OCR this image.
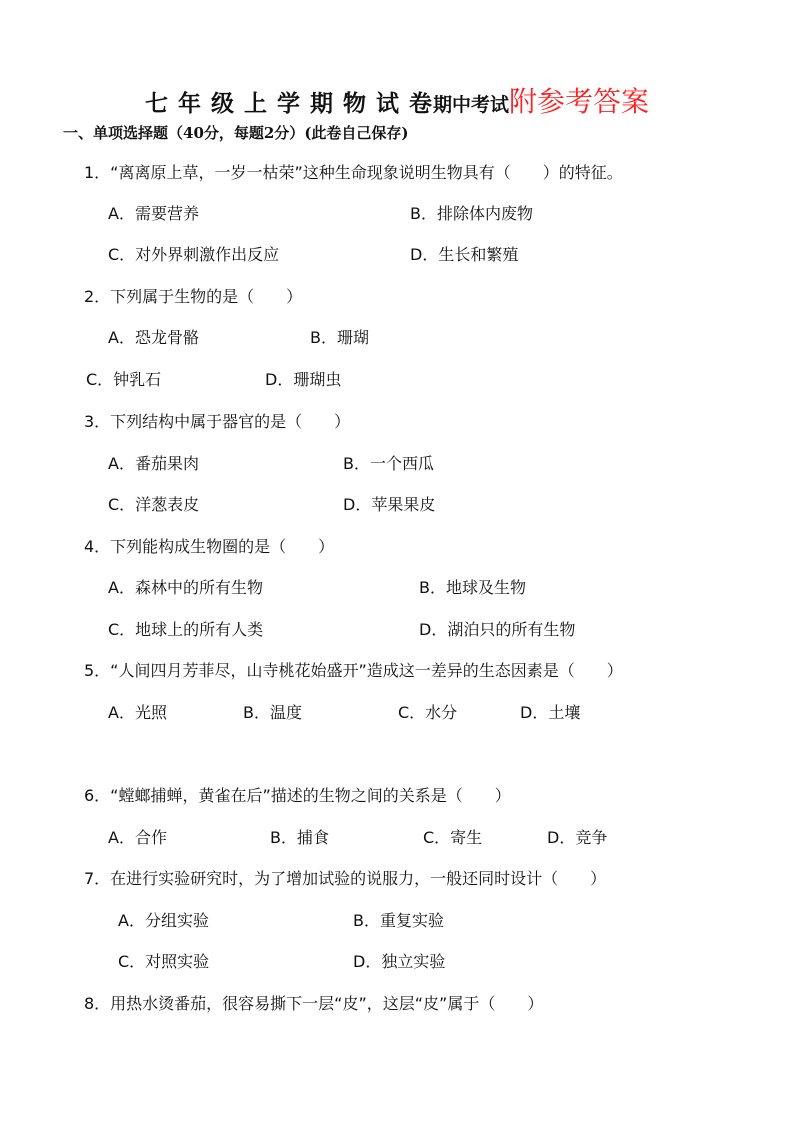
七 年 级 上 学 期 物 试 卷期中考试附参考答案
一、单项选择题（40分，每题2分）(此卷自己保存)
1．“离离原上草，一岁一枯荣”这种生命现象说明生物具有（　　）的特征。
A．需要营养	B．排除体内废物
C．对外界刺激作出反应	D．生长和繁殖
2．下列属于生物的是（　　）
A．恐龙骨骼	B．珊瑚
C．钟乳石	D．珊瑚虫
3．下列结构中属于器官的是（　　）
A．番茄果肉	B．一个西瓜
C．洋葱表皮	D．苹果果皮
4．下列能构成生物圈的是（　　）
A．森林中的所有生物	B．地球及生物
C．地球上的所有人类	D．湖泊只的所有生物
5．“人间四月芳菲尽，山寺桃花始盛开”造成这一差异的生态因素是（　　）
A．光照	B．温度	C．水分	D．土壤
6．“螳螂捕蝉，黄雀在后”描述的生物之间的关系是（　　）
A．合作	B．捕食	C．寄生	D．竞争
7．在进行实验研究时，为了增加试验的说服力，一般还同时设计（　　）
A．分组实验	B．重复实验
C．对照实验	D．独立实验
8．用热水烫番茄，很容易撕下一层“皮”，这层“皮”属于（　　）
